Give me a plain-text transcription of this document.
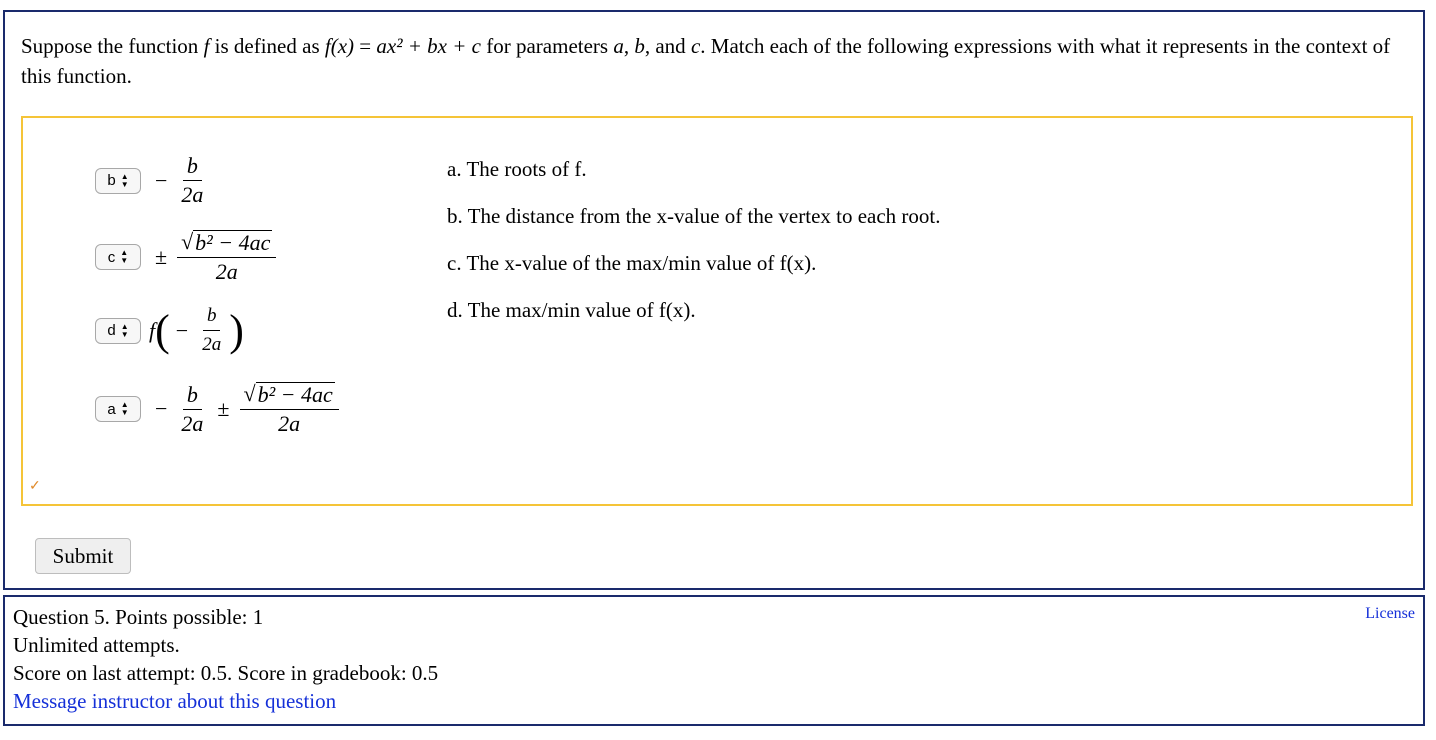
Suppose the function f is defined as f(x) = ax² + bx + c for parameters a, b, and c. Match each of the following expressions with what it represents in the context of this function.
b ▲
▼ − $\frac{b}{2a}$
c ▲
▼ ± $\frac{\text{√ b² − 4ac}}{2a}$
d ▲
▼ f ( − $\frac{b}{2a}$ )
a ▲
▼ − $\frac{b}{2a} \pm \frac{\text{√ b² − 4ac}}{2a}$
a. The roots of f.
b. The distance from the x-value of the vertex to each root.
c. The x-value of the max/min value of f(x).
d. The max/min value of f(x).
✓
Submit
Question 5. Points possible: 1
Unlimited attempts.
Score on last attempt: 0.5. Score in gradebook: 0.5
Message instructor about this question
License
